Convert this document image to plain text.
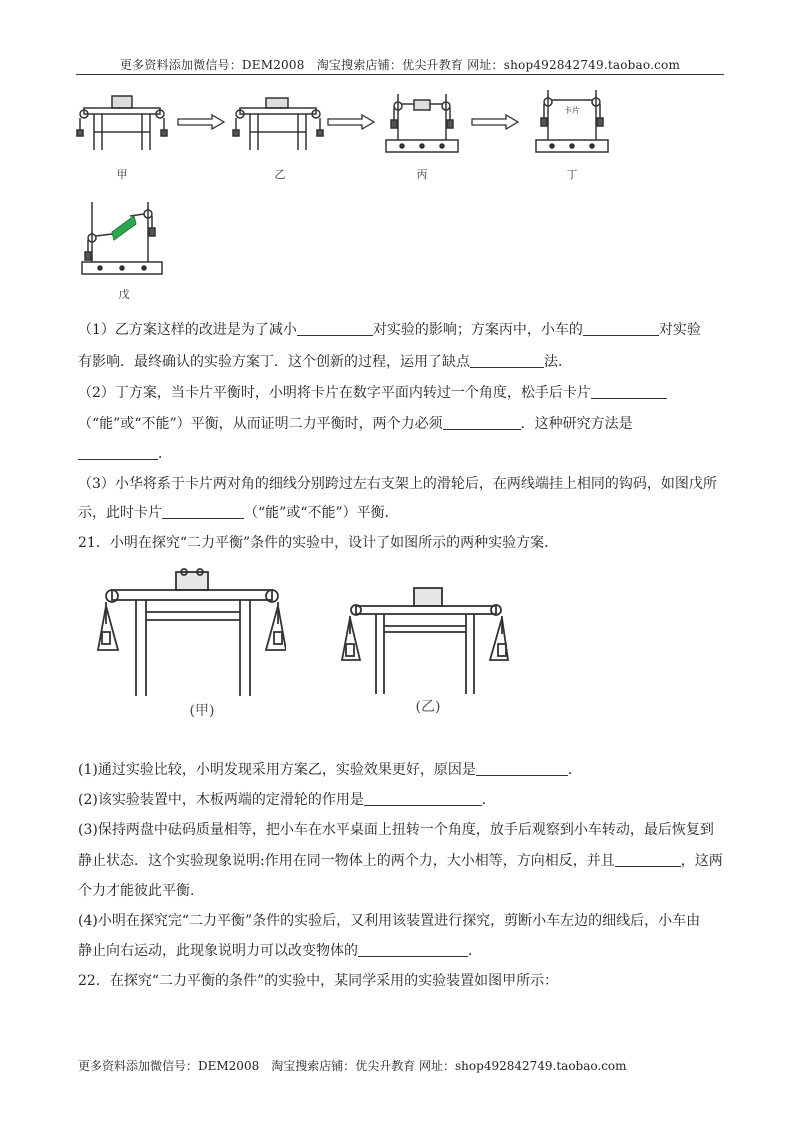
更多资料添加微信号：DEM2008　淘宝搜索店铺：优尖升教育 网址：shop492842749.taobao.com
甲	乙	丙
卡片
丁
戊
（1）乙方案这样的改进是为了减小	对实验的影响；方案丙中，小车的	对实验
有影响．最终确认的实验方案丁．这个创新的过程，运用了缺点	法．
（2）丁方案，当卡片平衡时，小明将卡片在数字平面内转过一个角度，松手后卡片
（“能”或“不能”）平衡，从而证明二力平衡时，两个力必须	．这种研究方法是
．
（3）小华将系于卡片两对角的细线分别跨过左右支架上的滑轮后，在两线端挂上相同的钩码，如图戊所
示，此时卡片	（“能”或“不能”）平衡．
21．小明在探究“二力平衡”条件的实验中，设计了如图所示的两种实验方案．
(甲)	(乙)
(1)通过实验比较，小明发现采用方案乙，实验效果更好，原因是	．
(2)该实验装置中，木板两端的定滑轮的作用是	．
(3)保持两盘中砝码质量相等，把小车在水平桌面上扭转一个角度，放手后观察到小车转动，最后恢复到
静止状态．这个实验现象说明:作用在同一物体上的两个力，大小相等，方向相反，并且	，这两
个力才能彼此平衡．
(4)小明在探究完“二力平衡”条件的实验后，又利用该装置进行探究，剪断小车左边的细线后，小车由
静止向右运动，此现象说明力可以改变物体的	．
22．在探究“二力平衡的条件”的实验中，某同学采用的实验装置如图甲所示：
更多资料添加微信号：DEM2008　淘宝搜索店铺：优尖升教育 网址：shop492842749.taobao.com
